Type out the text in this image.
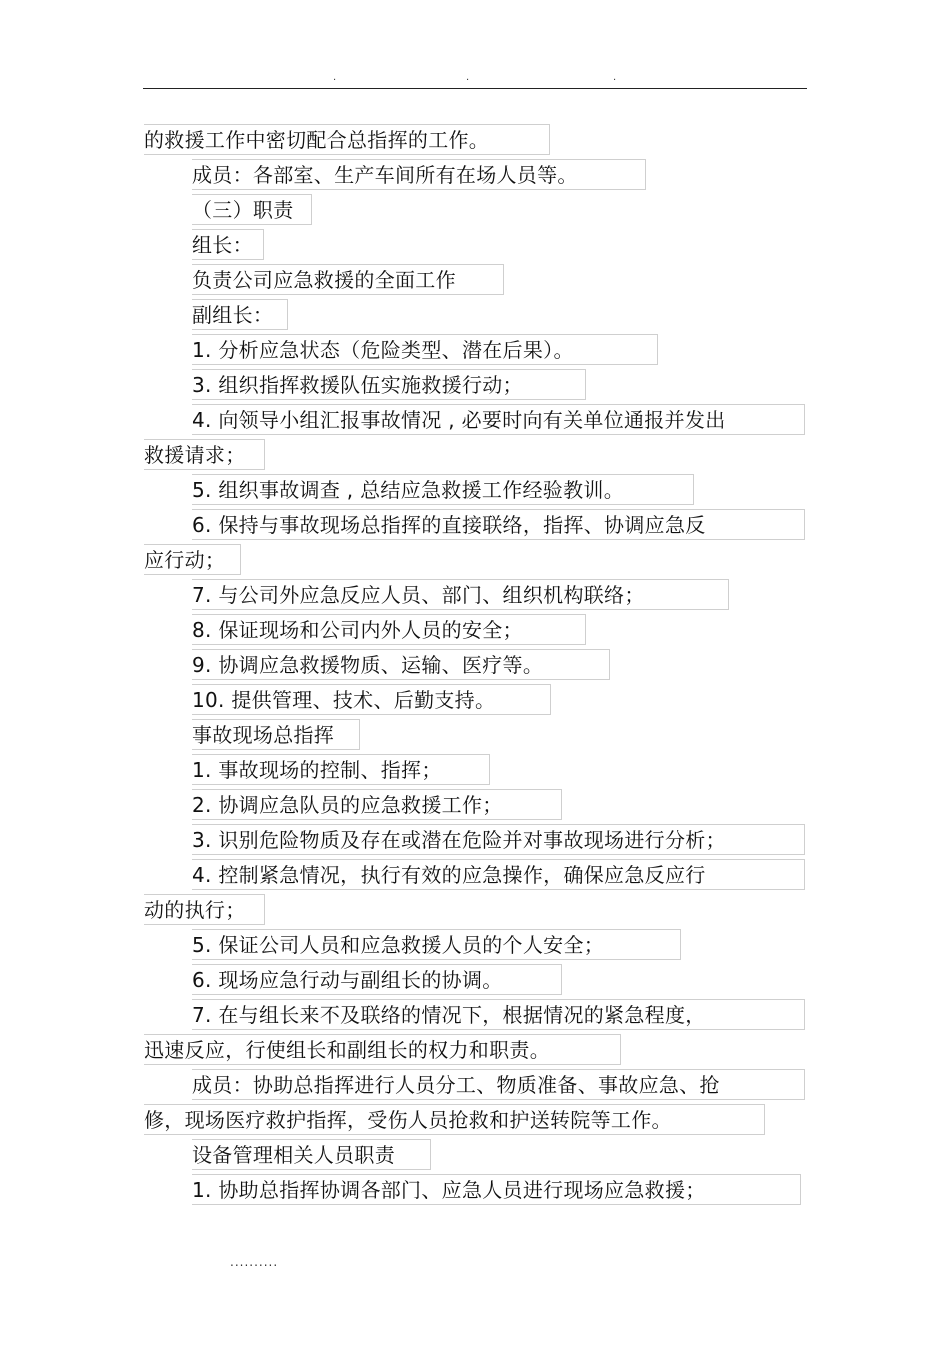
.	.	.
的救援工作中密切配合总指挥的工作。
成员：各部室、生产车间所有在场人员等。
（三）职责
组长：
负责公司应急救援的全面工作
副组长：
1. 分析应急状态（危险类型、潜在后果）。
3. 组织指挥救援队伍实施救援行动；
4. 向领导小组汇报事故情况 , 必要时向有关单位通报并发出
救援请求；
5. 组织事故调查 , 总结应急救援工作经验教训。
6. 保持与事故现场总指挥的直接联络，指挥、协调应急反
应行动；
7. 与公司外应急反应人员、部门、组织机构联络；
8. 保证现场和公司内外人员的安全；
9. 协调应急救援物质、运输、医疗等。
10. 提供管理、技术、后勤支持。
事故现场总指挥
1. 事故现场的控制、指挥；
2. 协调应急队员的应急救援工作；
3. 识别危险物质及存在或潜在危险并对事故现场进行分析；
4. 控制紧急情况，执行有效的应急操作，确保应急反应行
动的执行；
5. 保证公司人员和应急救援人员的个人安全；
6. 现场应急行动与副组长的协调。
7. 在与组长来不及联络的情况下，根据情况的紧急程度，
迅速反应，行使组长和副组长的权力和职责。
成员：协助总指挥进行人员分工、物质准备、事故应急、抢
修，现场医疗救护指挥，受伤人员抢救和护送转院等工作。
设备管理相关人员职责
1. 协助总指挥协调各部门、应急人员进行现场应急救援；
..........
